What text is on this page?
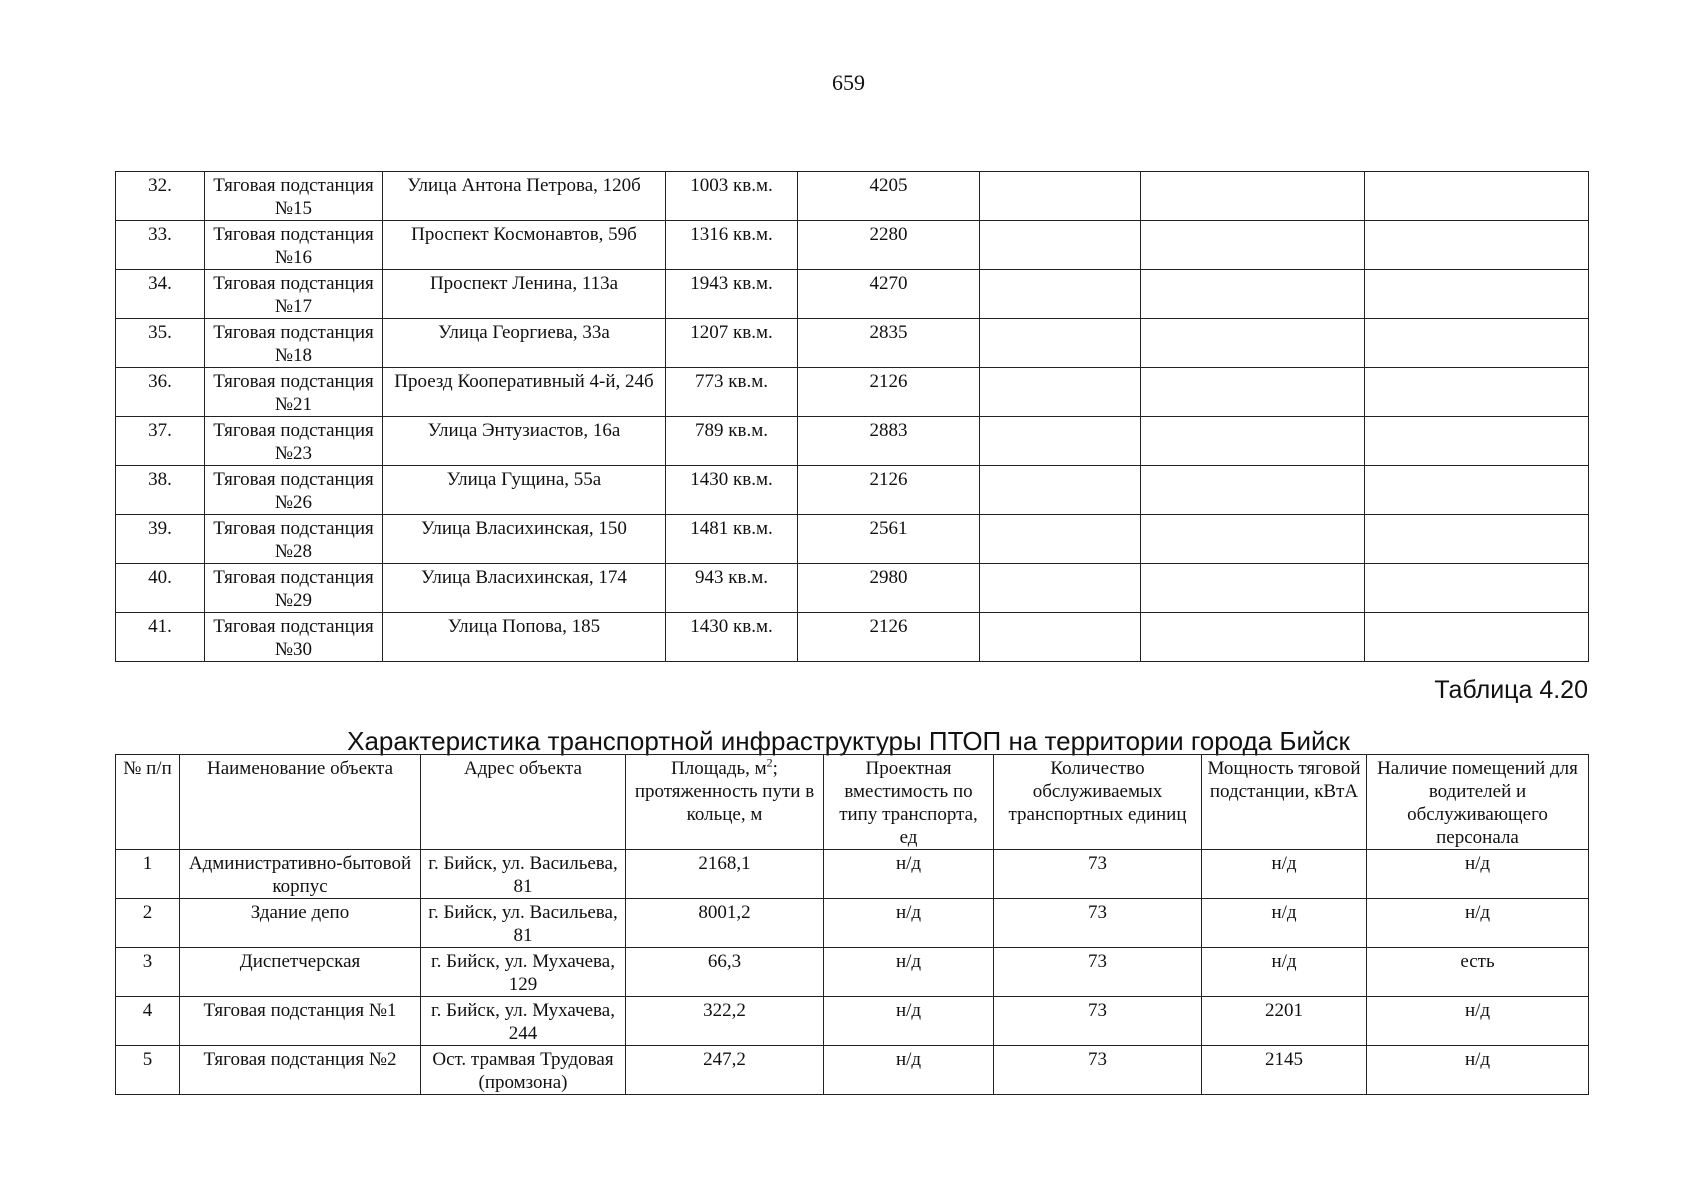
659
32.	Тяговая подстанция №15	Улица Антона Петрова, 120б	1003 кв.м.	4205			
33.	Тяговая подстанция №16	Проспект Космонавтов, 59б	1316 кв.м.	2280			
34.	Тяговая подстанция №17	Проспект Ленина, 113а	1943 кв.м.	4270			
35.	Тяговая подстанция №18	Улица Георгиева, 33а	1207 кв.м.	2835			
36.	Тяговая подстанция №21	Проезд Кооперативный 4-й, 24б	773 кв.м.	2126			
37.	Тяговая подстанция №23	Улица Энтузиастов, 16а	789 кв.м.	2883			
38.	Тяговая подстанция №26	Улица Гущина, 55а	1430 кв.м.	2126			
39.	Тяговая подстанция №28	Улица Власихинская, 150	1481 кв.м.	2561			
40.	Тяговая подстанция №29	Улица Власихинская, 174	943 кв.м.	2980			
41.	Тяговая подстанция №30	Улица Попова, 185	1430 кв.м.	2126			
Таблица 4.20
Характеристика транспортной инфраструктуры ПТОП на территории города Бийск
№ п/п	Наименование объекта	Адрес объекта	Площадь, $м^2$; протяженность пути в кольце, м	Проектная вместимость по типу транспорта, ед	Количество обслуживаемых транспортных единиц	Мощность тяговой подстанции, кВтА	Наличие помещений для водителей и обслуживающего персонала
1	Административно-бытовой корпус	г. Бийск, ул. Васильева, 81	2168,1	н/д	73	н/д	н/д
2	Здание депо	г. Бийск, ул. Васильева, 81	8001,2	н/д	73	н/д	н/д
3	Диспетчерская	г. Бийск, ул. Мухачева, 129	66,3	н/д	73	н/д	есть
4	Тяговая подстанция №1	г. Бийск, ул. Мухачева, 244	322,2	н/д	73	2201	н/д
5	Тяговая подстанция №2	Ост. трамвая Трудовая (промзона)	247,2	н/д	73	2145	н/д
